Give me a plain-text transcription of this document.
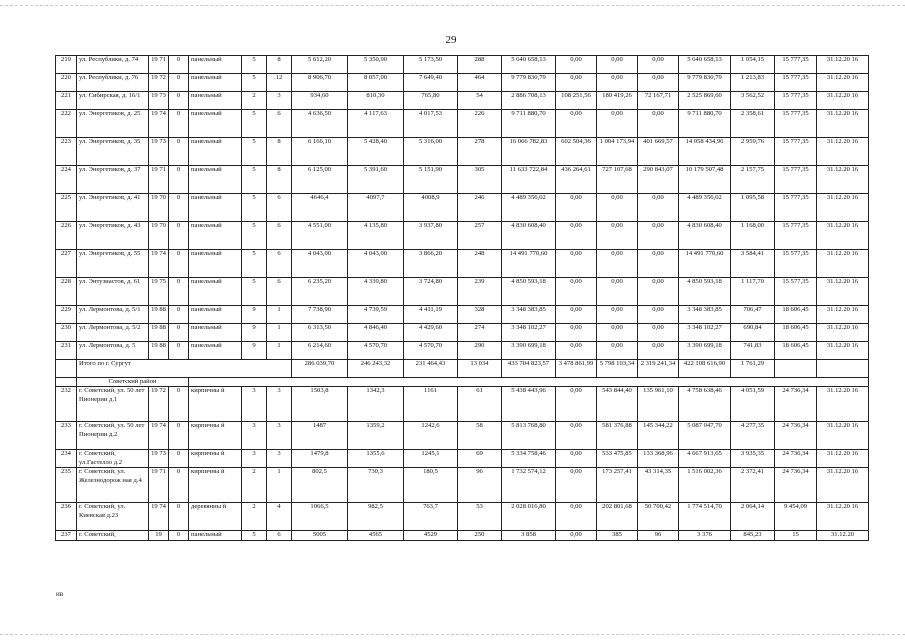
29
219	ул. Республики, д. 74	19 71	0	панельный	5	8	5 612,20	5 350,90	5 173,50	288	5 640 658,13	0,00	0,00	0,00	5 640 658,13	1 054,15	15 777,35	31.12.20 16
220	ул. Республики, д. 76	19 72	0	панельный	5	12	8 906,70	8 057,00	7 649,40	464	9 779 830,79	0,00	0,00	0,00	9 779 830,79	1 213,83	15 777,35	31.12.20 16
221	ул. Сибирская, д. 16/1	19 73	0	панельный	2	3	934,60	810,30	765,80	54	2 886 708,13	108 251,56	180 419,26	72 167,71	2 525 869,60	3 562,52	15 777,35	31.12.20 16
222	ул. Энергетиков, д. 25	19 74	0	панельный	5	6	4 636,50	4 117,63	4 017,53	226	9 711 880,70	0,00	0,00	0,00	9 711 880,70	2 358,61	15 777,35	31.12.20 16
223	ул. Энергетиков, д. 35	19 73	0	панельный	5	8	6 166,10	5 428,40	5 316,00	278	16 066 782,83	602 504,36	1 004 173,94	401 669,57	14 058 434,96	2 959,76	15 777,35	31.12.20 16
224	ул. Энергетиков, д. 37	19 71	0	панельный	5	8	6 125,00	5 391,60	5 151,90	305	11 633 722,84	436 264,61	727 107,68	290 843,07	10 179 507,48	2 157,75	15 777,35	31.12.20 16
225	ул. Энергетиков, д. 41	19 70	0	панельный	5	6	4646,4	4097,7	4008,9	246	4 489 356,02	0,00	0,00	0,00	4 489 356,02	1 095,58	15 777,35	31.12.20 16
226	ул. Энергетиков, д. 43	19 70	0	панельный	5	6	4 551,00	4 135,80	3 937,80	257	4 830 608,40	0,00	0,00	0,00	4 830 608,40	1 168,00	15 777,35	31.12.20 16
227	ул. Энергетиков, д. 55	19 74	0	панельный	5	6	4 043,00	4 043,00	3 866,20	248	14 491 770,60	0,00	0,00	0,00	14 491 770,60	3 584,41	15 577,35	31.12.20 16
228	ул. Энтузиастов, д. 61	19 75	0	панельный	5	6	6 235,20	4 339,80	3 724,80	239	4 850 593,18	0,00	0,00	0,00	4 850 593,18	1 117,70	15 577,35	31.12.20 16
229	ул. Лермонтова, д. 5/1	19 88	0	панельный	9	1	7 738,90	4 739,59	4 411,19	328	3 348 383,85	0,00	0,00	0,00	3 348 383,85	706,47	18 606,45	31.12.20 16
230	ул. Лермонтова, д. 5/2	19 88	0	панельный	9	1	6 313,50	4 846,40	4 429,60	274	3 348 102,27	0,00	0,00	0,00	3 348 102,27	690,84	18 606,45	31.12.20 16
231	ул. Лермонтова, д. 5	19 88	0	панельный	9	1	6 214,60	4 570,70	4 570,70	290	3 390 699,18	0,00	0,00	0,00	3 390 699,18	741,83	18 606,45	31.12.20 16
	Итого по г. Сургут						286 039,70	246 243,32	231 464,43	13 034	433 704 823,57	3 478 861,99	5 798 103,34	2 319 241,34	422 108 616,90	1 761,29		
	Советский район																	
232	г. Советский, ул. 50 лет Пионерии д.1	19 72	0	кирпичны й	3	3	1503,8	1342,3	1161	61	5 438 443,96	0,00	543 844,40	135 961,10	4 758 638,46	4 051,59	24 736,34	31.12.20 16
233	г. Советский, ул. 50 лет Пионерии д.2	19 74	0	кирпичны й	3	3	1487	1359,2	1242,6	58	5 813 768,80	0,00	581 376,88	145 344,22	5 087 047,70	4 277,35	24 736,34	31.12.20 16
234	г. Советский, ул.Гастелло д.2	19 73	0	кирпичны й	3	3	1479,8	1355,6	1245,1	69	5 334 758,46	0,00	533 475,85	133 368,96	4 667 913,65	3 935,35	24 736,34	31.12.20 16
235	г. Советский, ул. Железнодорож ная д.4	19 71	0	кирпичны й	2	1	802,5	730,3	180,5	96	1 732 574,12	0,00	173 257,41	43 314,35	1 516 002,36	2 372,41	24 736,34	31.12.20 16
236	г. Советский, ул. Киевская д.23	19 74	0	деревянны й	2	4	1066,5	982,5	763,7	53	2 028 016,80	0,00	202 801,68	50 700,42	1 774 514,70	2 064,14	9 454,09	31.12.20 16
237	г. Советский,	19	0	панельный	5	6	5005	4565	4529	250	3 858	0,00	385	96	3 376	845,23	15	31.12.20
нв
